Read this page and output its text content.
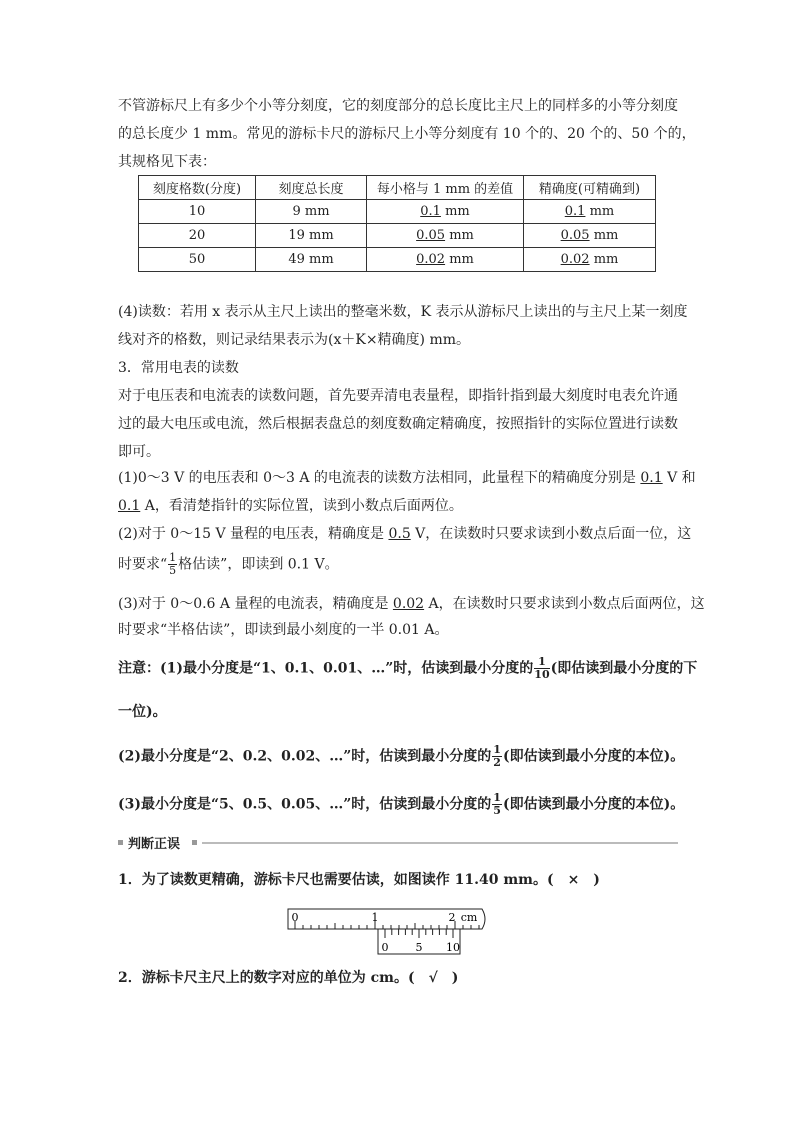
不管游标尺上有多少个小等分刻度，它的刻度部分的总长度比主尺上的同样多的小等分刻度
的总长度少 1 mm。常见的游标卡尺的游标尺上小等分刻度有 10 个的、20 个的、50 个的，
其规格见下表：
刻度格数(分度)	刻度总长度	每小格与 1 mm 的差值	精确度(可精确到)
10	9 mm	0.1 mm	0.1 mm
20	19 mm	0.05 mm	0.05 mm
50	49 mm	0.02 mm	0.02 mm
(4)读数：若用 x 表示从主尺上读出的整毫米数，K 表示从游标尺上读出的与主尺上某一刻度
线对齐的格数，则记录结果表示为(x＋K×精确度) mm。
3．常用电表的读数
对于电压表和电流表的读数问题，首先要弄清电表量程，即指针指到最大刻度时电表允许通
过的最大电压或电流，然后根据表盘总的刻度数确定精确度，按照指针的实际位置进行读数
即可。
(1)0～3 V 的电压表和 0～3 A 的电流表的读数方法相同，此量程下的精确度分别是 0.1 V 和
0.1 A，看清楚指针的实际位置，读到小数点后面两位。
(2)对于 0～15 V 量程的电压表，精确度是 0.5 V，在读数时只要求读到小数点后面一位，这
时要求“ $\frac{1}{5}$ 格估读”，即读到 0.1 V。
(3)对于 0～0.6 A 量程的电流表，精确度是 0.02 A，在读数时只要求读到小数点后面两位，这
时要求“半格估读”，即读到最小刻度的一半 0.01 A。
注意：(1)最小分度是“1、0.1、0.01、…”时，估读到最小分度的 $\frac{1}{10}$ (即估读到最小分度的下
一位)。
(2)最小分度是“2、0.2、0.02、…”时，估读到最小分度的 $\frac{1}{2}$ (即估读到最小分度的本位)。
(3)最小分度是“5、0.5、0.05、…”时，估读到最小分度的 $\frac{1}{5}$ (即估读到最小分度的本位)。
判断正误
1．为了读数更精确，游标卡尺也需要估读，如图读作 11.40 mm。(　×　)
0	1	2 cm
0 5 10
2．游标卡尺主尺上的数字对应的单位为 cm。(　√　)
